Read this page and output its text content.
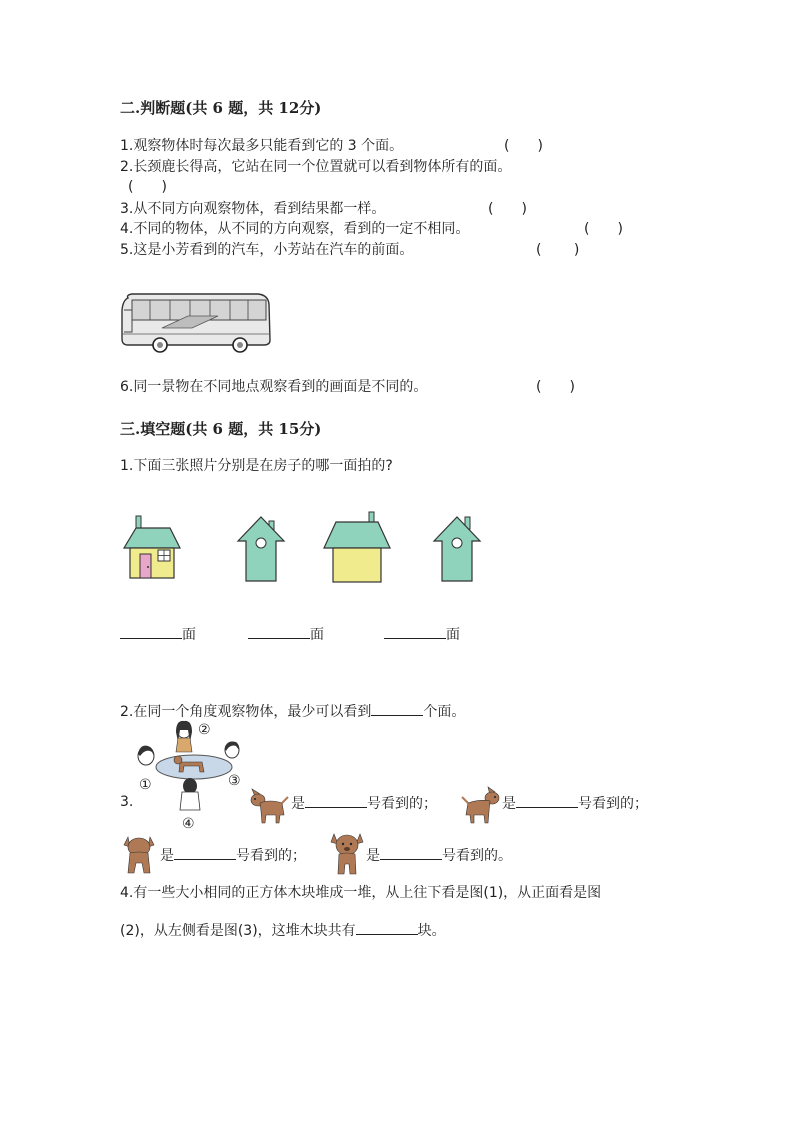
二.判断题(共 6 题，共 12分)
1.观察物体时每次最多只能看到它的 3 个面。	(　　)
2.长颈鹿长得高，它站在同一个位置就可以看到物体所有的面。
(　　)
3.从不同方向观察物体，看到结果都一样。	(　　)
4.不同的物体，从不同的方向观察，看到的一定不相同。	(　　)
5.这是小芳看到的汽车，小芳站在汽车的前面。	(　　 )
6.同一景物在不同地点观察看到的画面是不同的。	(　　)
三.填空题(共 6 题，共 15分)
1.下面三张照片分别是在房子的哪一面拍的?
面	面	面
2.在同一个角度观察物体，最少可以看到	个面。
①
②
③
④
3.	是	号看到的；	是	号看到的；
是	号看到的；	是	号看到的。
4.有一些大小相同的正方体木块堆成一堆，从上往下看是图(1)，从正面看是图
(2)，从左侧看是图(3)，这堆木块共有	块。
